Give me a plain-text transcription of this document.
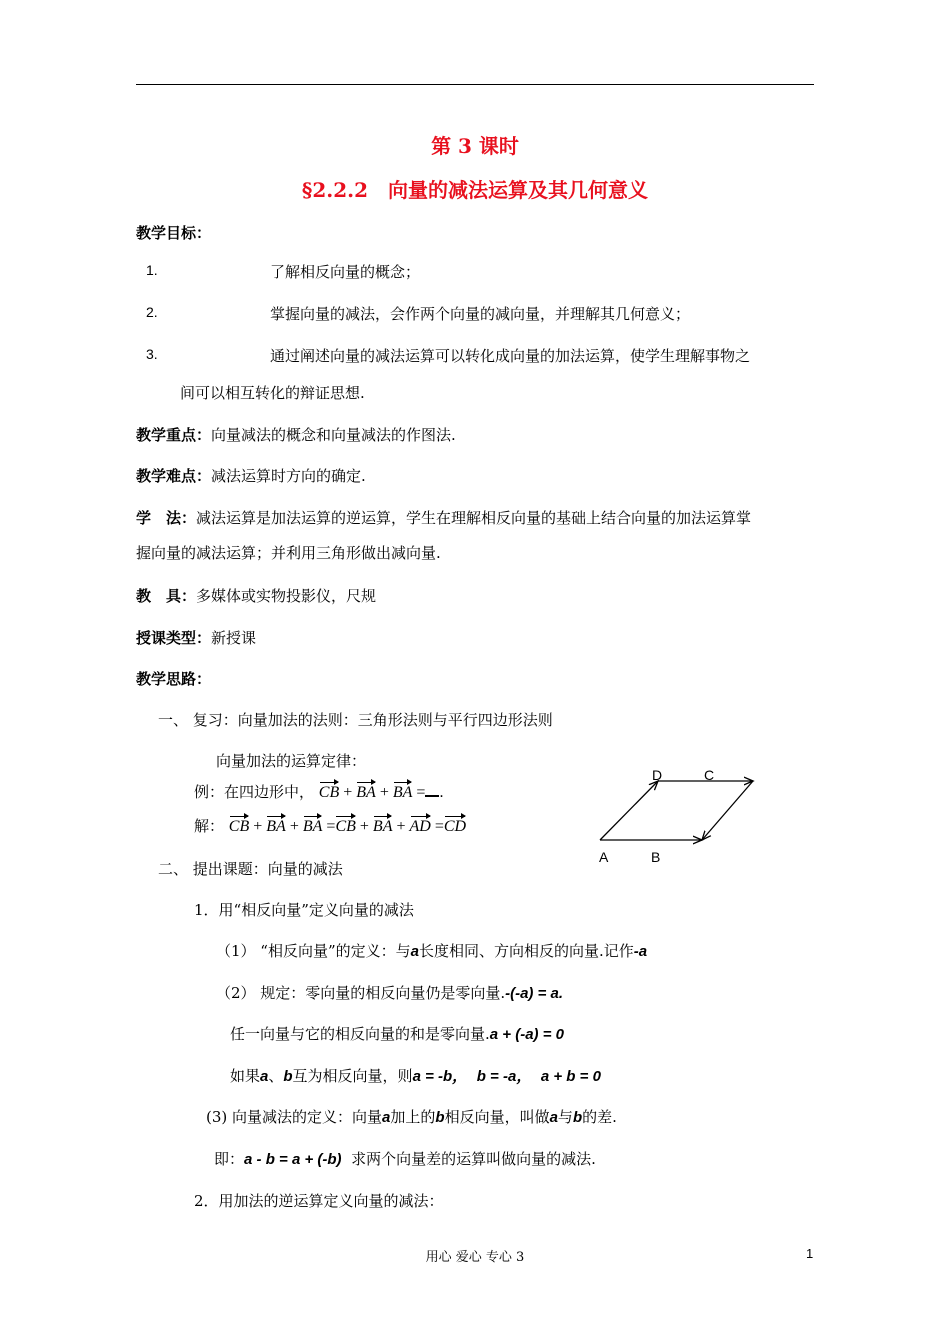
第 3 课时
§2.2.2　向量的减法运算及其几何意义
教学目标：
1.	了解相反向量的概念；
2.	掌握向量的减法，会作两个向量的减向量，并理解其几何意义；
3.	通过阐述向量的减法运算可以转化成向量的加法运算，使学生理解事物之
间可以相互转化的辩证思想.
教学重点：向量减法的概念和向量减法的作图法.
教学难点：减法运算时方向的确定.
学　法：减法运算是加法运算的逆运算，学生在理解相反向量的基础上结合向量的加法运算掌
握向量的减法运算；并利用三角形做出减向量.
教　具：多媒体或实物投影仪，尺规
授课类型：新授课
教学思路：
一、 复习：向量加法的法则：三角形法则与平行四边形法则
向量加法的运算定律：
例：在四边形中， CB + BA + BA = .
解： CB + BA + BA =CB + BA + AD =CD
D	C
A	B
二、 提出课题：向量的减法
1．用“相反向量”定义向量的减法
（1） “相反向量”的定义：与a长度相同、方向相反的向量.记作-a
（2） 规定：零向量的相反向量仍是零向量.-(-a) = a.
任一向量与它的相反向量的和是零向量.a + (-a) = 0
如果a、b互为相反向量，则a = -b， b = -a， a + b = 0
(3) 向量减法的定义：向量a加上的b相反向量，叫做a与b的差.
即：a - b = a + (-b) 求两个向量差的运算叫做向量的减法.
2．用加法的逆运算定义向量的减法：
用心 爱心 专心 3	1
